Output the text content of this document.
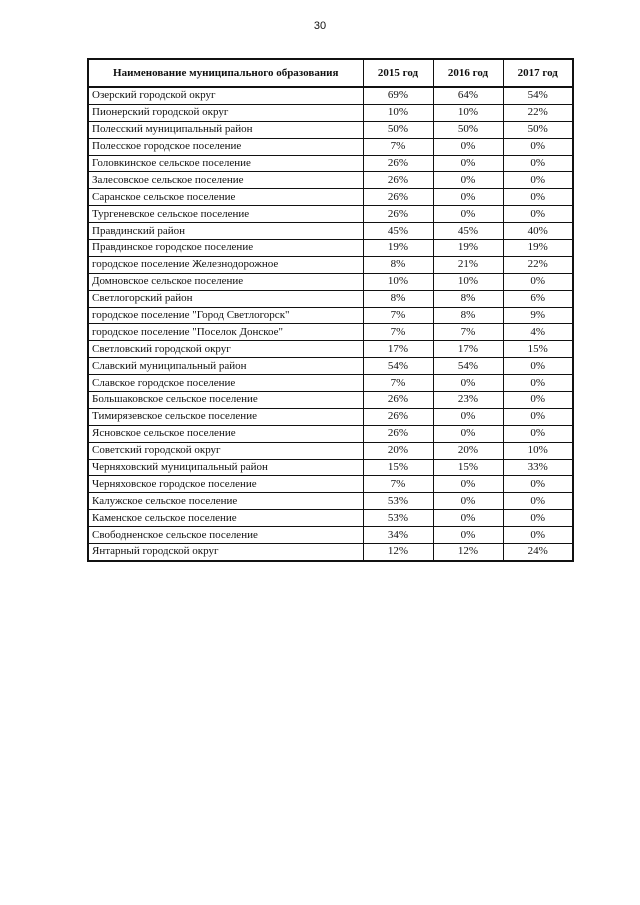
30
Наименование муниципального образования	2015 год	2016 год	2017 год
Озерский городской округ	69%	64%	54%
Пионерский городской округ	10%	10%	22%
Полесский муниципальный район	50%	50%	50%
Полесское городское поселение	7%	0%	0%
Головкинское сельское поселение	26%	0%	0%
Залесовское сельское поселение	26%	0%	0%
Саранское сельское поселение	26%	0%	0%
Тургеневское сельское поселение	26%	0%	0%
Правдинский район	45%	45%	40%
Правдинское городское поселение	19%	19%	19%
городское поселение Железнодорожное	8%	21%	22%
Домновское сельское поселение	10%	10%	0%
Светлогорский район	8%	8%	6%
городское поселение "Город Светлогорск"	7%	8%	9%
городское поселение "Поселок Донское"	7%	7%	4%
Светловский городской округ	17%	17%	15%
Славский муниципальный район	54%	54%	0%
Славское городское поселение	7%	0%	0%
Большаковское сельское поселение	26%	23%	0%
Тимирязевское сельское поселение	26%	0%	0%
Ясновское сельское поселение	26%	0%	0%
Советский городской округ	20%	20%	10%
Черняховский муниципальный район	15%	15%	33%
Черняховское городское поселение	7%	0%	0%
Калужское сельское поселение	53%	0%	0%
Каменское сельское поселение	53%	0%	0%
Свободненское сельское поселение	34%	0%	0%
Янтарный городской округ	12%	12%	24%
